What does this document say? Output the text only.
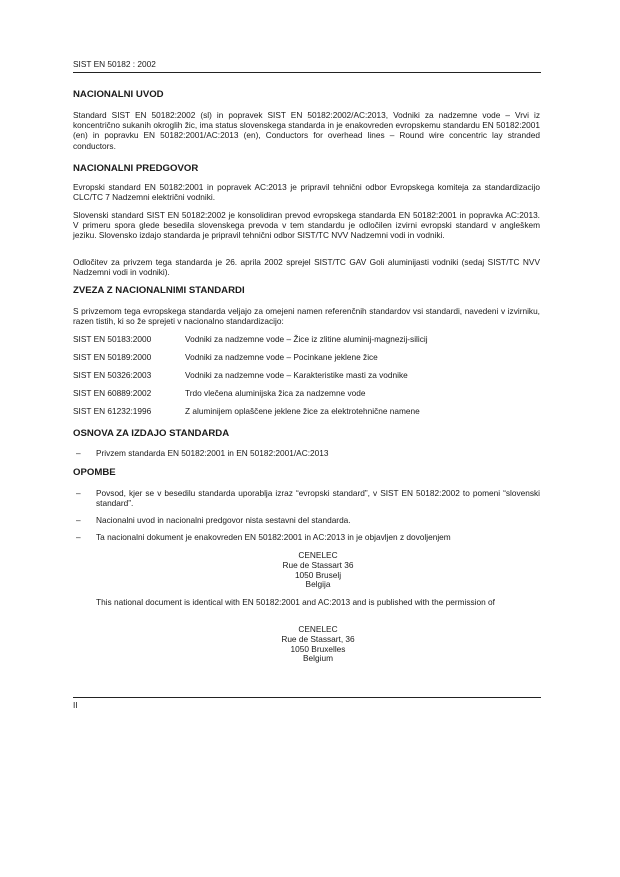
SIST EN 50182 : 2002
NACIONALNI UVOD

Standard SIST EN 50182:2002 (sl) in popravek SIST EN 50182:2002/AC:2013, Vodniki za nadzemne vode – Vrvi iz koncentrično sukanih okroglih žic, ima status slovenskega standarda in je enakovreden evropskemu standardu EN 50182:2001 (en) in popravku EN 50182:2001/AC:2013 (en), Conductors for overhead lines – Round wire concentric lay stranded conductors.

NACIONALNI PREDGOVOR

Evropski standard EN 50182:2001 in popravek AC:2013 je pripravil tehnični odbor Evropskega komiteja za standardizacijo CLC/TC 7 Nadzemni električni vodniki.

Slovenski standard SIST EN 50182:2002 je konsolidiran prevod evropskega standarda EN 50182:2001 in popravka AC:2013. V primeru spora glede besedila slovenskega prevoda v tem standardu je odločilen izvirni evropski standard v angleškem jeziku. Slovensko izdajo standarda je pripravil tehnični odbor SIST/TC NVV Nadzemni vodi in vodniki.

Odločitev za privzem tega standarda je 26. aprila 2002 sprejel SIST/TC GAV Goli aluminijasti vodniki (sedaj SIST/TC NVV Nadzemni vodi in vodniki).

ZVEZA Z NACIONALNIMI STANDARDI

S privzemom tega evropskega standarda veljajo za omejeni namen referenčnih standardov vsi standardi, navedeni v izvirniku, razen tistih, ki so že sprejeti v nacionalno standardizacijo:

SIST EN 50183:2000	Vodniki za nadzemne vode – Žice iz zlitine aluminij-magnezij-silicij
SIST EN 50189:2000	Vodniki za nadzemne vode – Pocinkane jeklene žice
SIST EN 50326:2003	Vodniki za nadzemne vode – Karakteristike masti za vodnike
SIST EN 60889:2002	Trdo vlečena aluminijska žica za nadzemne vode
SIST EN 61232:1996	Z aluminijem oplaščene jeklene žice za elektrotehnične namene
OSNOVA ZA IZDAJO STANDARDA
– Privzem standarda EN 50182:2001 in EN 50182:2001/AC:2013

OPOMBE
– Povsod, kjer se v besedilu standarda uporablja izraz “evropski standard”, v SIST EN 50182:2002 to pomeni “slovenski standard”.

– Nacionalni uvod in nacionalni predgovor nista sestavni del standarda.

– Ta nacionalni dokument je enakovreden EN 50182:2001 in AC:2013 in je objavljen z dovoljenjem

CENELEC
Rue de Stassart 36
1050 Bruselj
Belgija

This national document is identical with EN 50182:2001 and AC:2013 and is published with the permission of

CENELEC
Rue de Stassart, 36
1050 Bruxelles
Belgium
II
